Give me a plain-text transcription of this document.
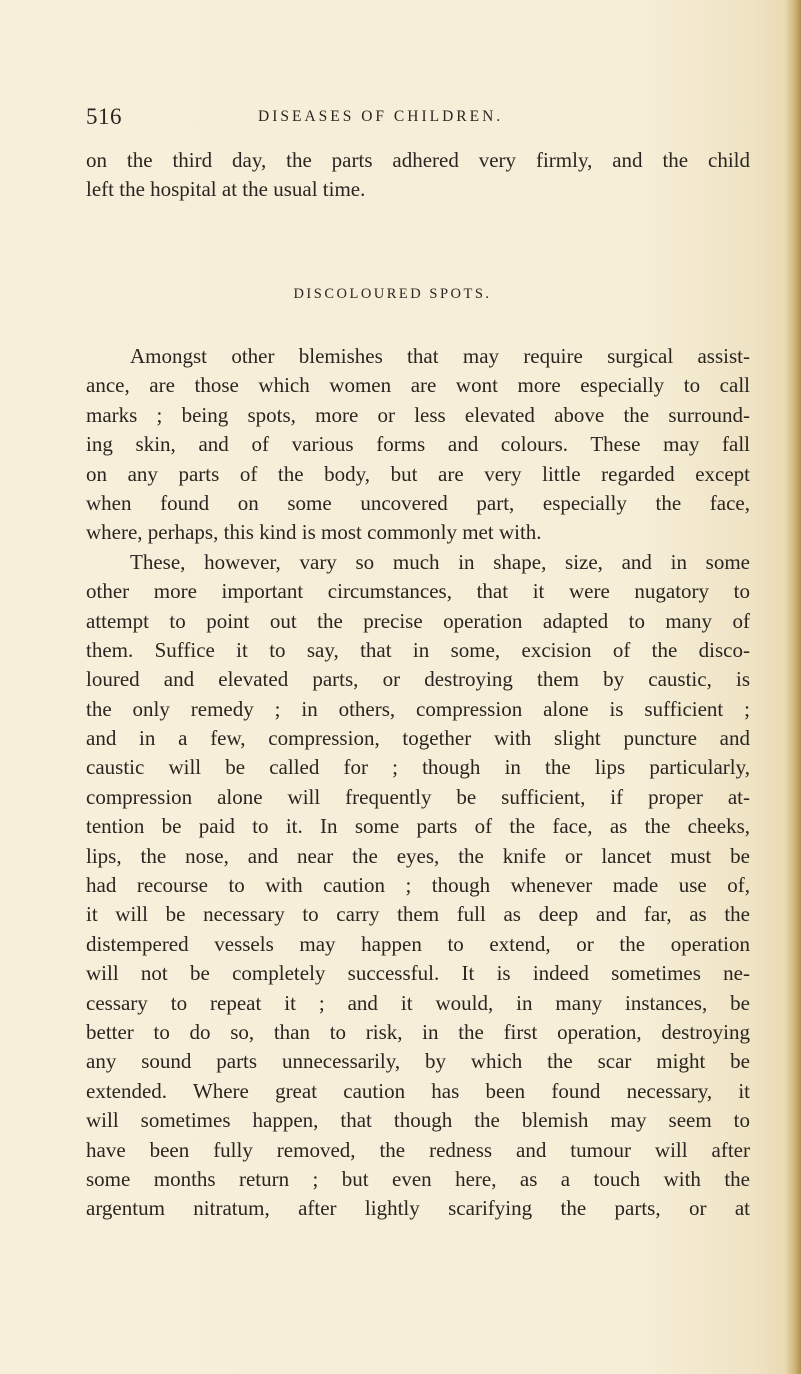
516	DISEASES OF CHILDREN.
on the third day, the parts adhered very firmly, and the child
left the hospital at the usual time.
DISCOLOURED SPOTS.
Amongst other blemishes that may require surgical assist-
ance, are those which women are wont more especially to call
marks ; being spots, more or less elevated above the surround-
ing skin, and of various forms and colours. These may fall
on any parts of the body, but are very little regarded except
when found on some uncovered part, especially the face,
where, perhaps, this kind is most commonly met with.
These, however, vary so much in shape, size, and in some
other more important circumstances, that it were nugatory to
attempt to point out the precise operation adapted to many of
them. Suffice it to say, that in some, excision of the disco-
loured and elevated parts, or destroying them by caustic, is
the only remedy ; in others, compression alone is sufficient ;
and in a few, compression, together with slight puncture and
caustic will be called for ; though in the lips particularly,
compression alone will frequently be sufficient, if proper at-
tention be paid to it. In some parts of the face, as the cheeks,
lips, the nose, and near the eyes, the knife or lancet must be
had recourse to with caution ; though whenever made use of,
it will be necessary to carry them full as deep and far, as the
distempered vessels may happen to extend, or the operation
will not be completely successful. It is indeed sometimes ne-
cessary to repeat it ; and it would, in many instances, be
better to do so, than to risk, in the first operation, destroying
any sound parts unnecessarily, by which the scar might be
extended. Where great caution has been found necessary, it
will sometimes happen, that though the blemish may seem to
have been fully removed, the redness and tumour will after
some months return ; but even here, as a touch with the
argentum nitratum, after lightly scarifying the parts, or at
